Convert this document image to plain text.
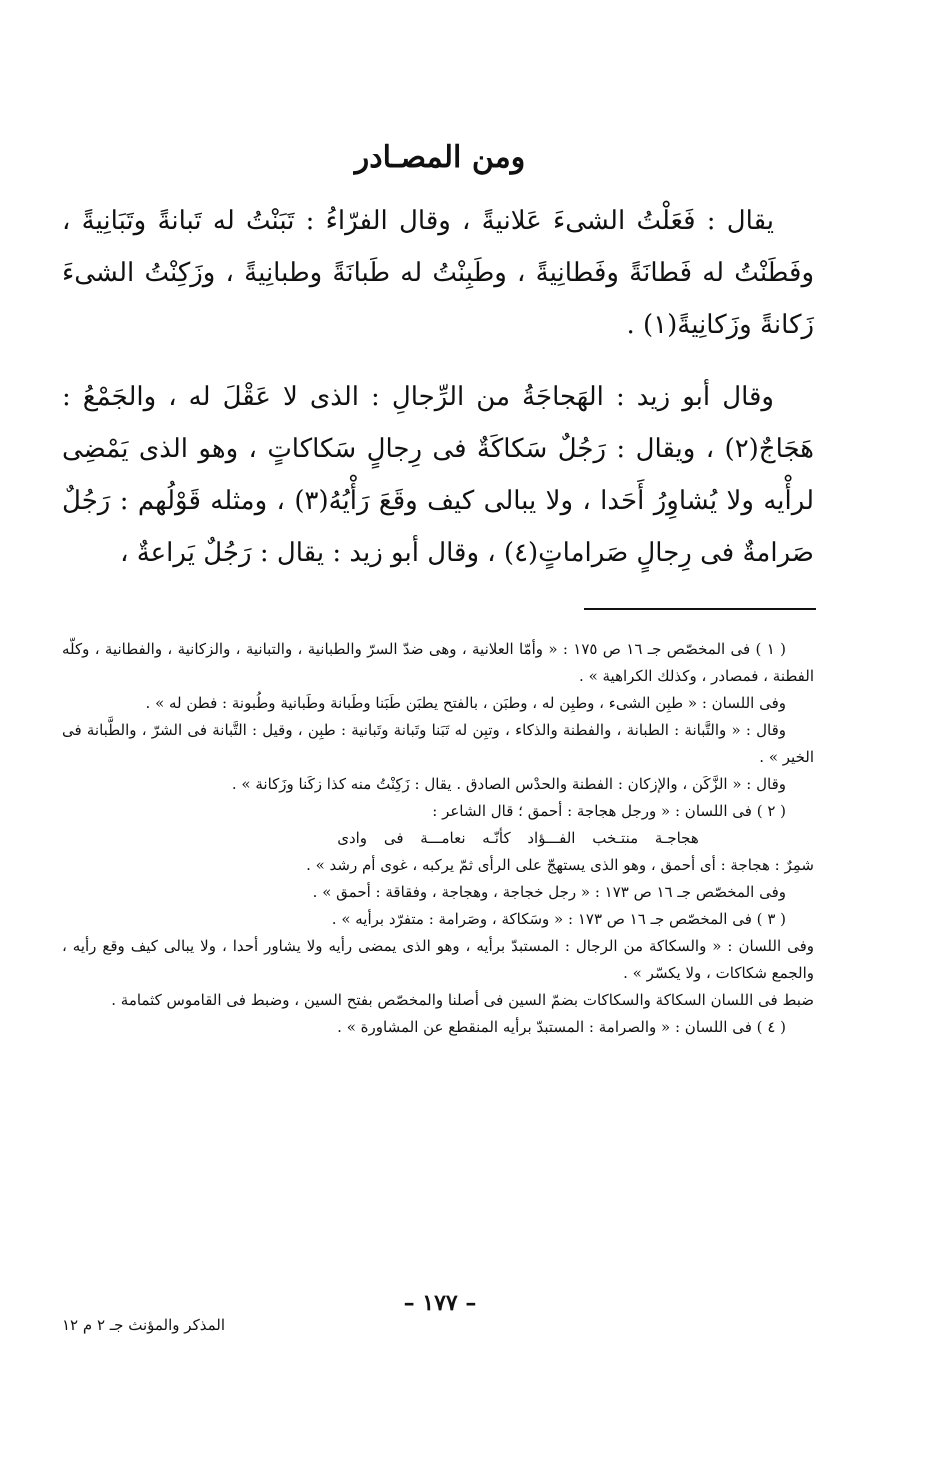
ومن المصـادر

يقال : فَعَلْتُ الشىءَ عَلانيةً ، وقال الفرّاءُ : تَبَنْتُ له تَبانةً وتَبَانِيةً ، وفَطَنْتُ له فَطانَةً وفَطانِيةً ، وطَبِنْتُ له طَبانَةً وطبانِيةً ، وزَكِنْتُ الشىءَ زَكانةً وزَكانِيةً(١) .

وقال أبو زيد : الهَجاجَةُ من الرِّجالِ : الذى لا عَقْلَ له ، والجَمْعُ : هَجَاجٌ(٢) ، ويقال : رَجُلٌ سَكاكَةٌ فى رِجالٍ سَكاكاتٍ ، وهو الذى يَمْضِى لرأْيه ولا يُشاوِرُ أَحَدا ، ولا يبالى كيف وقَعَ رَأْيُهُ(٣) ، ومثله قَوْلُهم : رَجُلٌ صَرامةٌ فى رِجالٍ صَراماتٍ(٤) ، وقال أبو زيد : يقال : رَجُلٌ يَراعةٌ ،

( ١ ) فى المخصّص جـ ١٦ ص ١٧٥ : « وأمّا العلانية ، وهى ضدّ السرّ والطبانية ، والتبانية ، والزكانية ، والفطانية ، وكلّه الفطنة ، فمصادر ، وكذلك الكراهية » .

وفى اللسان : « طبِن الشىء ، وطبِن له ، وطبَن ، بالفتح يطبَن طَبَنا وطَبانة وطَبانية وطُبونة : فطن له » .

وقال : « والتَّبانة : الطبانة ، والفطنة والذكاء ، وتبِن له تَبَنا وتَبانة وتَبانية : طبِن ، وقيل : التَّبانة فى الشرّ ، والطَّبانة فى الخير » .

وقال : « الزَّكَن ، والإزكان : الفطنة والحدْس الصادق . يقال : زَكِنْتُ منه كذا زكَنا وزَكانة » .

( ٢ ) فى اللسان : « ورجل هجاجة : أحمق ؛ قال الشاعر :

هجاجـة منتـخب الفـــؤاد كأنّـه نعامـــة فى وادى

شمِرٌ : هجاجة : أى أحمق ، وهو الذى يستهجّ على الرأى ثمّ يركبه ، غوى أم رشد » .

وفى المخصّص جـ ١٦ ص ١٧٣ : « رجل خجاجة ، وهجاجة ، وفقاقة : أحمق » .

( ٣ ) فى المخصّص جـ ١٦ ص ١٧٣ : « وسَكاكة ، وصَرامة : متفرّد برأيه » .

وفى اللسان : « والسكاكة من الرجال : المستبدّ برأيه ، وهو الذى يمضى رأيه ولا يشاور أحدا ، ولا يبالى كيف وقع رأيه ، والجمع شكاكات ، ولا يكسّر » .

ضبط فى اللسان السكاكة والسكاكات بضمّ السين فى أصلنا والمخصّص بفتح السين ، وضبط فى القاموس كثمامة .

( ٤ ) فى اللسان : « والصرامة : المستبدّ برأيه المنقطع عن المشاورة » .

– ١٧٧ –
المذكر والمؤنث جـ ٢ م ١٢
